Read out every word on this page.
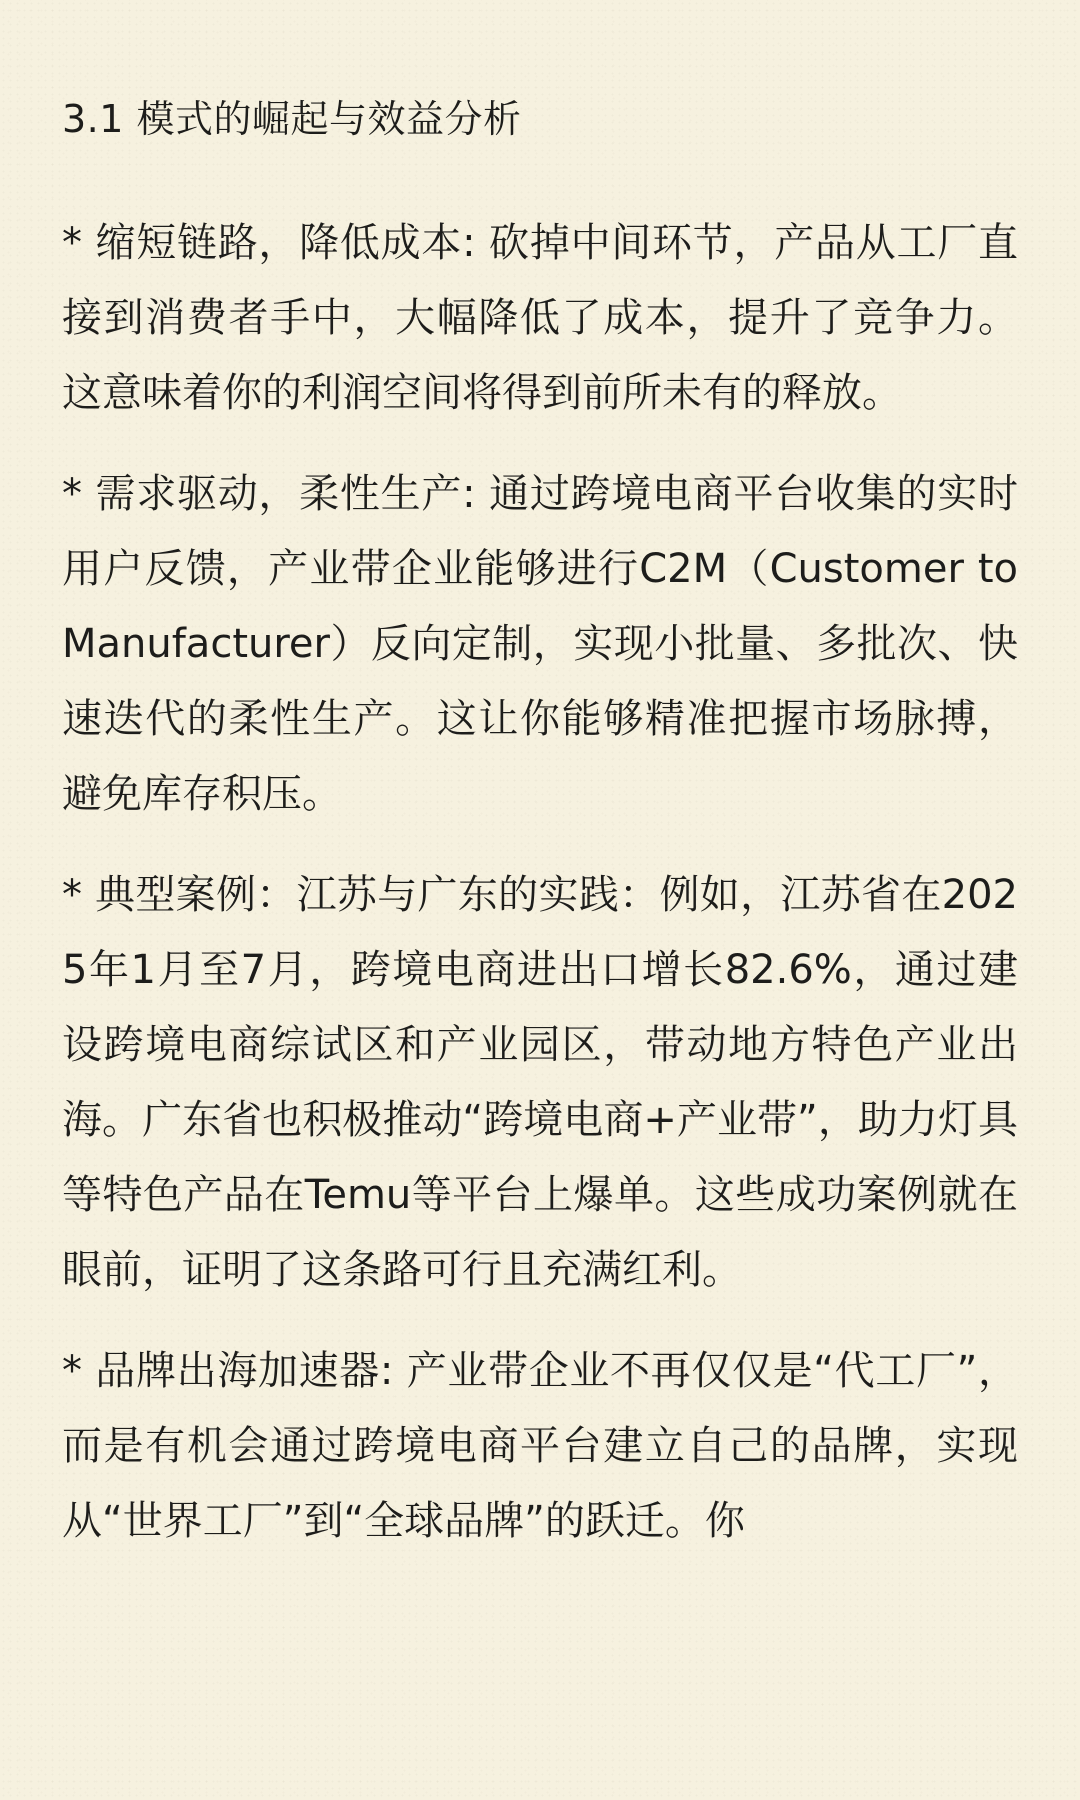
3.1 模式的崛起与效益分析

* 缩短链路，降低成本: 砍掉中间环节，产品从工厂直接到消费者手中，大幅降低了成本，提升了竞争力。这意味着你的利润空间将得到前所未有的释放。

* 需求驱动，柔性生产: 通过跨境电商平台收集的实时用户反馈，产业带企业能够进行C2M（Customer to Manufacturer）反向定制，实现小批量、多批次、快速迭代的柔性生产。这让你能够精准把握市场脉搏，避免库存积压。

* 典型案例：江苏与广东的实践：例如，江苏省在2025年1月至7月，跨境电商进出口增长82.6%，通过建设跨境电商综试区和产业园区，带动地方特色产业出海。广东省也积极推动“跨境电商+产业带”，助力灯具等特色产品在Temu等平台上爆单。这些成功案例就在眼前，证明了这条路可行且充满红利。

* 品牌出海加速器: 产业带企业不再仅仅是“代工厂”，而是有机会通过跨境电商平台建立自己的品牌，实现从“世界工厂”到“全球品牌”的跃迁。你
